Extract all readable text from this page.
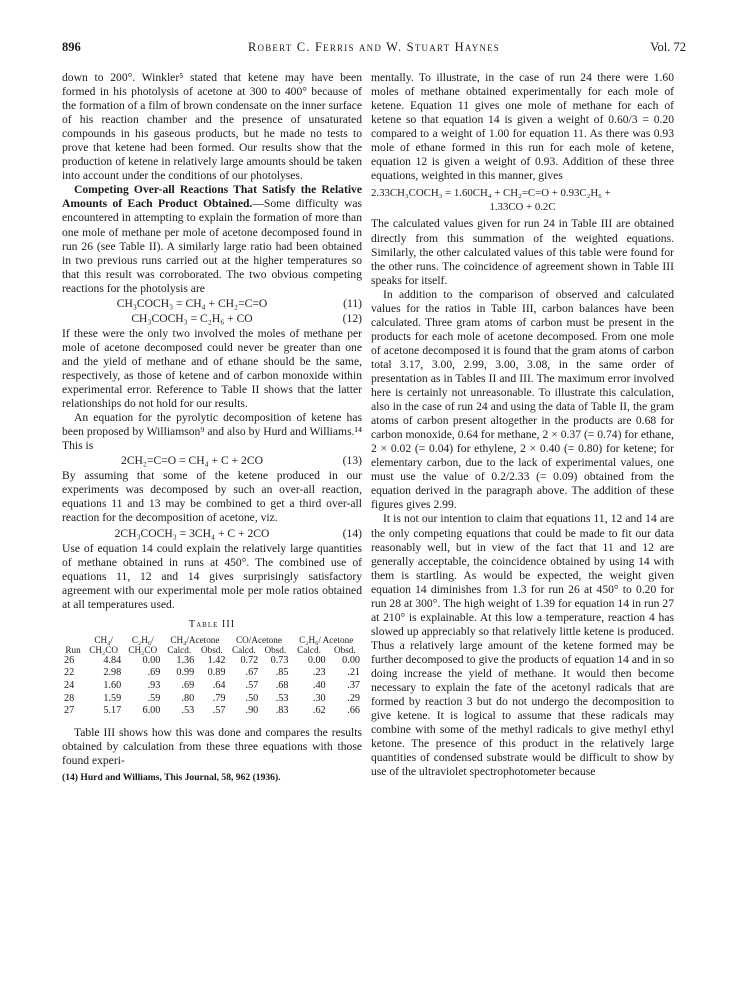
896	Robert C. Ferris and W. Stuart Haynes	Vol. 72

down to 200°. Winkler⁵ stated that ketene may have been formed in his photolysis of acetone at 300 to 400° because of the formation of a film of brown condensate on the inner surface of his reaction chamber and the presence of unsaturated compounds in his gaseous products, but he made no tests to prove that ketene had been formed. Our results show that the production of ketene in relatively large amounts should be taken into account under the conditions of our photolyses.

Competing Over-all Reactions That Satisfy the Relative Amounts of Each Product Obtained.—Some difficulty was encountered in attempting to explain the formation of more than one mole of methane per mole of acetone decomposed found in run 26 (see Table II). A similarly large ratio had been obtained in two previous runs carried out at the higher temperatures so that this result was corroborated. The two obvious competing reactions for the photolysis are

CH₃COCH₃ = CH₄ + CH₂=C=O	(11)
CH₃COCH₃ = C₂H₆ + CO	(12)

If these were the only two involved the moles of methane per mole of acetone decomposed could never be greater than one and the yield of methane and of ethane should be the same, respectively, as those of ketene and of carbon monoxide within experimental error. Reference to Table II shows that the latter relationships do not hold for our results.

An equation for the pyrolytic decomposition of ketene has been proposed by Williamson⁹ and also by Hurd and Williams.¹⁴ This is

2CH₂=C=O = CH₄ + C + 2CO	(13)

By assuming that some of the ketene produced in our experiments was decomposed by such an over-all reaction, equations 11 and 13 may be combined to get a third over-all reaction for the decomposition of acetone, viz.

2CH₃COCH₃ = 3CH₄ + C + 2CO	(14)

Use of equation 14 could explain the relatively large quantities of methane obtained in runs at 450°. The combined use of equations 11, 12 and 14 gives surprisingly satisfactory agreement with our experimental mole per mole ratios obtained at all temperatures used.

Table III
	CH₄/	C₂H₆/	CH₄/Acetone		CO/Acetone		C₂H₆/ Acetone	
Run	CH₂CO	CH₂CO	Calcd.	Obsd.	Calcd.	Obsd.	Calcd.	Obsd.
26	4.84	0.00	1.36	1.42	0.72	0.73	0.00	0.00
22	2.98	.69	0.99	0.89	.67	.85	.23	.21
24	1.60	.93	.69	.64	.57	.68	.40	.37
28	1.59	.59	.80	.79	.50	.53	.30	.29
27	5.17	6.00	.53	.57	.90	.83	.62	.66

Table III shows how this was done and compares the results obtained by calculation from these three equations with those found experi-

(14) Hurd and Williams, This Journal, 58, 962 (1936).

mentally. To illustrate, in the case of run 24 there were 1.60 moles of methane obtained experimentally for each mole of ketene. Equation 11 gives one mole of methane for each of ketene so that equation 14 is given a weight of 0.60/3 = 0.20 compared to a weight of 1.00 for equation 11. As there was 0.93 mole of ethane formed in this run for each mole of ketene, equation 12 is given a weight of 0.93. Addition of these three equations, weighted in this manner, gives

2.33CH₃COCH₃ = 1.60CH₄ + CH₂=C=O + 0.93C₂H₆ +
1.33CO + 0.2C

The calculated values given for run 24 in Table III are obtained directly from this summation of the weighted equations. Similarly, the other calculated values of this table were found for the other runs. The coincidence of agreement shown in Table III speaks for itself.

In addition to the comparison of observed and calculated values for the ratios in Table III, carbon balances have been calculated. Three gram atoms of carbon must be present in the products for each mole of acetone decomposed. From one mole of acetone decomposed it is found that the gram atoms of carbon total 3.17, 3.00, 2.99, 3.00, 3.08, in the same order of presentation as in Tables II and III. The maximum error involved here is certainly not unreasonable. To illustrate this calculation, also in the case of run 24 and using the data of Table II, the gram atoms of carbon present altogether in the products are 0.68 for carbon monoxide, 0.64 for methane, 2 × 0.37 (= 0.74) for ethane, 2 × 0.02 (= 0.04) for ethylene, 2 × 0.40 (= 0.80) for ketene; for elementary carbon, due to the lack of experimental values, one must use the value of 0.2/2.33 (= 0.09) obtained from the equation derived in the paragraph above. The addition of these figures gives 2.99.

It is not our intention to claim that equations 11, 12 and 14 are the only competing equations that could be made to fit our data reasonably well, but in view of the fact that 11 and 12 are generally acceptable, the coincidence obtained by using 14 with them is startling. As would be expected, the weight given equation 14 diminishes from 1.3 for run 26 at 450° to 0.20 for run 28 at 300°. The high weight of 1.39 for equation 14 in run 27 at 210° is explainable. At this low a temperature, reaction 4 has slowed up appreciably so that relatively little ketene is produced. Thus a relatively large amount of the ketene formed may be further decomposed to give the products of equation 14 and in so doing increase the yield of methane. It would then become necessary to explain the fate of the acetonyl radicals that are formed by reaction 3 but do not undergo the decomposition to give ketene. It is logical to assume that these radicals may combine with some of the methyl radicals to give methyl ethyl ketone. The presence of this product in the relatively large quantities of condensed substrate would be difficult to show by use of the ultraviolet spectrophotometer because
